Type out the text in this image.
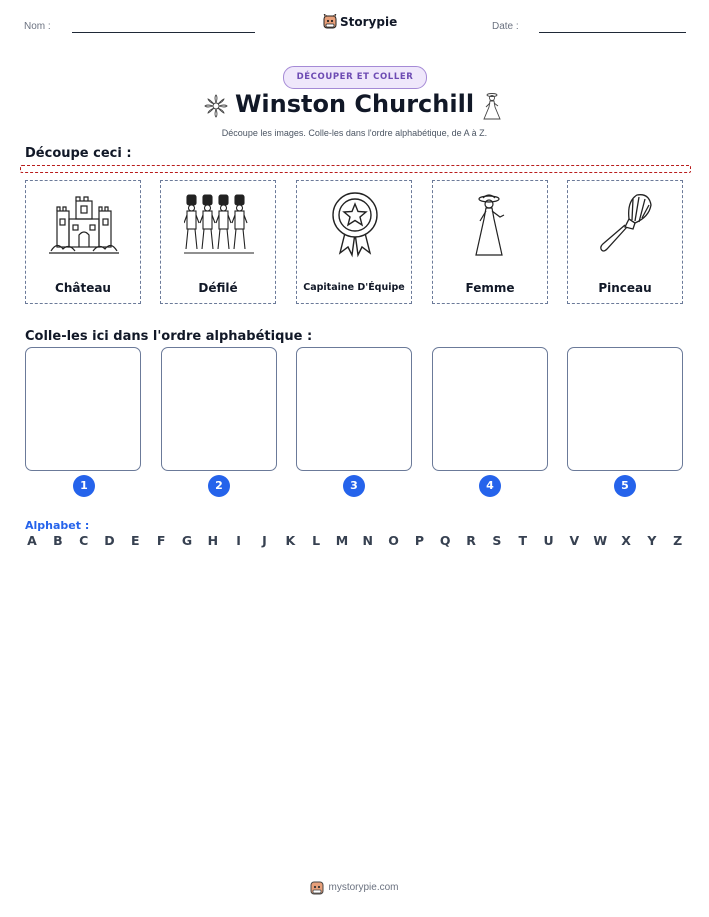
Nom :	Storypie	Date :
DÉCOUPER ET COLLER
Winston Churchill
Découpe les images. Colle-les dans l'ordre alphabétique, de A à Z.
Découpe ceci :
Château	Défilé	Capitaine D'Équipe	Femme	Pinceau
Colle-les ici dans l'ordre alphabétique :
1	2	3	4	5
Alphabet :
A B C D E F G H	I	J	K L M N O P Q R S T U V W X Y Z
mystorypie.com
